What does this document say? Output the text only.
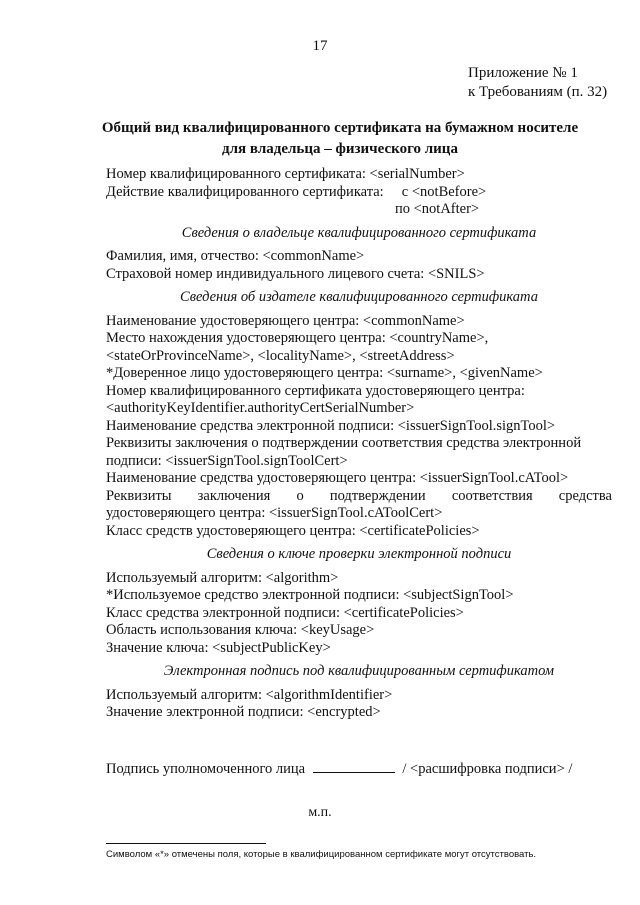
17
Приложение № 1
к Требованиям (п. 32)
Общий вид квалифицированного сертификата на бумажном носителе
для владельца – физического лица
Номер квалифицированного сертификата: <serialNumber>
Действие квалифицированного сертификата:     с <notBefore>
по <notAfter>
Сведения о владельце квалифицированного сертификата
Фамилия, имя, отчество: <commonName>
Страховой номер индивидуального лицевого счета: <SNILS>
Сведения об издателе квалифицированного сертификата
Наименование удостоверяющего центра: <commonName>
Место нахождения удостоверяющего центра: <countryName>,
<stateOrProvinceName>, <localityName>, <streetAddress>
*Доверенное лицо удостоверяющего центра: <surname>, <givenName>
Номер квалифицированного сертификата удостоверяющего центра:
<authorityKeyIdentifier.authorityCertSerialNumber>
Наименование средства электронной подписи: <issuerSignTool.signTool>
Реквизиты заключения о подтверждении соответствия средства электронной
подписи: <issuerSignTool.signToolCert>
Наименование средства удостоверяющего центра: <issuerSignTool.cATool>
Реквизиты заключения о подтверждении соответствия средства
удостоверяющего центра: <issuerSignTool.cAToolCert>
Класс средств удостоверяющего центра: <certificatePolicies>
Сведения о ключе проверки электронной подписи
Используемый алгоритм: <algorithm>
*Используемое средство электронной подписи: <subjectSignTool>
Класс средства электронной подписи: <certificatePolicies>
Область использования ключа: <keyUsage>
Значение ключа: <subjectPublicKey>
Электронная подпись под квалифицированным сертификатом
Используемый алгоритм: <algorithmIdentifier>
Значение электронной подписи: <encrypted>
Подпись уполномоченного лица	/ <расшифровка подписи> /
м.п.
Символом «*» отмечены поля, которые в квалифицированном сертификате могут отсутствовать.
